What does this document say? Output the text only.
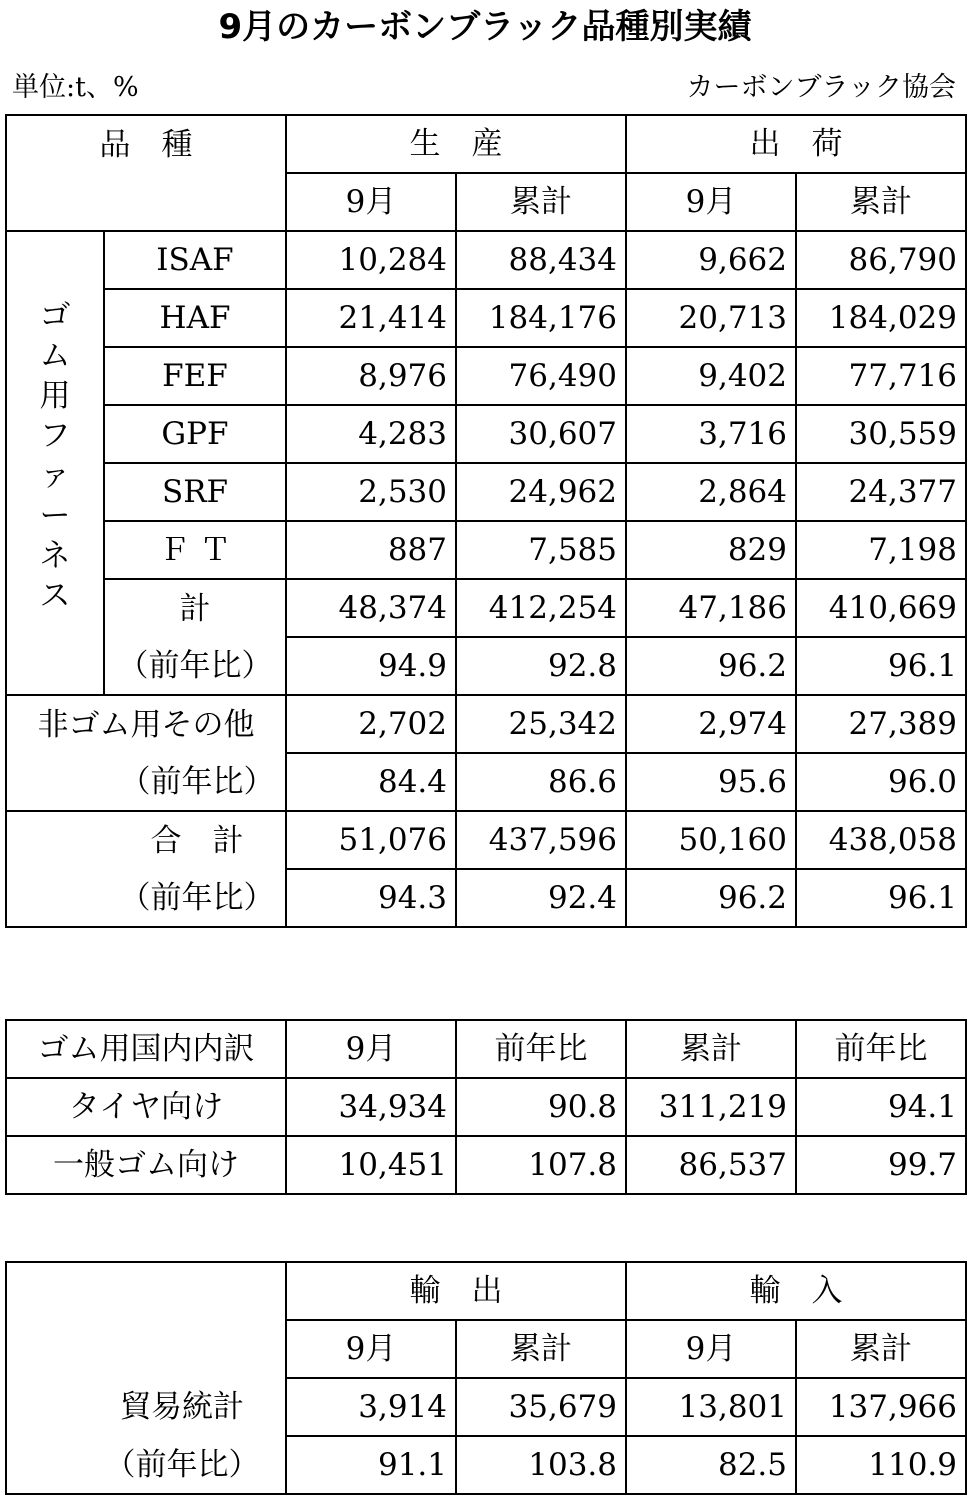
9月のカーボンブラック品種別実績
単位:t、%	カーボンブラック協会
品　種		生　産		出　荷	
		9月	累計	9月	累計
ゴム用ファーネス	ISAF	10,284	88,434	9,662	86,790
	HAF	21,414	184,176	20,713	184,029
	FEF	8,976	76,490	9,402	77,716
	GPF	4,283	30,607	3,716	30,559
	SRF	2,530	24,962	2,864	24,377
	Ｆ Ｔ	887	7,585	829	7,198
	計	48,374	412,254	47,186	410,669
	（前年比）	94.9	92.8	96.2	96.1
非ゴム用その他		2,702	25,342	2,974	27,389
（前年比）		84.4	86.6	95.6	96.0
合　計		51,076	437,596	50,160	438,058
（前年比）		94.3	92.4	96.2	96.1
ゴム用国内内訳	9月	前年比	累計	前年比
タイヤ向け	34,934	90.8	311,219	94.1
一般ゴム向け	10,451	107.8	86,537	99.7
	輸　出		輸　入	
	9月	累計	9月	累計
貿易統計	3,914	35,679	13,801	137,966
（前年比）	91.1	103.8	82.5	110.9
